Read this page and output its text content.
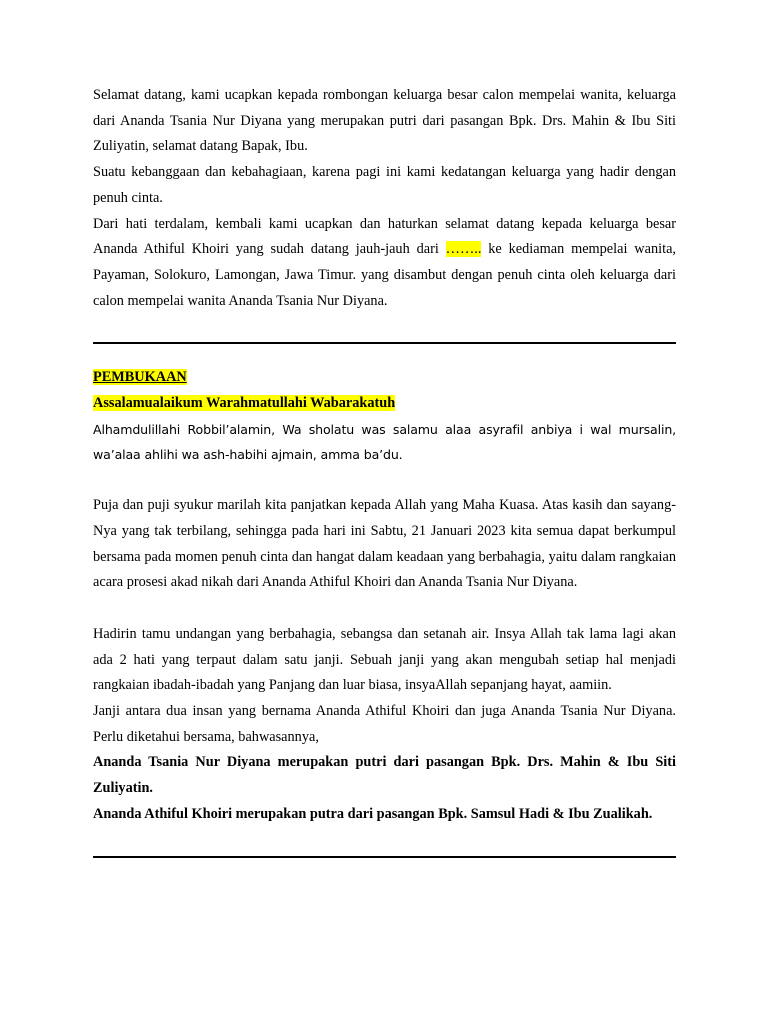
Selamat datang, kami ucapkan kepada rombongan keluarga besar calon mempelai wanita, keluarga dari Ananda Tsania Nur Diyana yang merupakan putri dari pasangan Bpk. Drs. Mahin & Ibu Siti Zuliyatin, selamat datang Bapak, Ibu.

Suatu kebanggaan dan kebahagiaan, karena pagi ini kami kedatangan keluarga yang hadir dengan penuh cinta.

Dari hati terdalam, kembali kami ucapkan dan haturkan selamat datang kepada keluarga besar Ananda Athiful Khoiri yang sudah datang jauh-jauh dari …….. ke kediaman mempelai wanita, Payaman, Solokuro, Lamongan, Jawa Timur. yang disambut dengan penuh cinta oleh keluarga dari calon mempelai wanita Ananda Tsania Nur Diyana.

PEMBUKAAN

Assalamualaikum Warahmatullahi Wabarakatuh

Alhamdulillahi Robbil’alamin, Wa sholatu was salamu alaa asyrafil anbiya i wal mursalin, wa’alaa ahlihi wa ash-habihi ajmain, amma ba’du.

Puja dan puji syukur marilah kita panjatkan kepada Allah yang Maha Kuasa. Atas kasih dan sayang-Nya yang tak terbilang, sehingga pada hari ini Sabtu, 21 Januari 2023 kita semua dapat berkumpul bersama pada momen penuh cinta dan hangat dalam keadaan yang berbahagia, yaitu dalam rangkaian acara prosesi akad nikah dari Ananda Athiful Khoiri dan Ananda Tsania Nur Diyana.

Hadirin tamu undangan yang berbahagia, sebangsa dan setanah air. Insya Allah tak lama lagi akan ada 2 hati yang terpaut dalam satu janji. Sebuah janji yang akan mengubah setiap hal menjadi rangkaian ibadah-ibadah yang Panjang dan luar biasa, insyaAllah sepanjang hayat, aamiin.

Janji antara dua insan yang bernama Ananda Athiful Khoiri dan juga Ananda Tsania Nur Diyana. Perlu diketahui bersama, bahwasannya,

Ananda Tsania Nur Diyana merupakan putri dari pasangan Bpk. Drs. Mahin & Ibu Siti Zuliyatin.

Ananda Athiful Khoiri merupakan putra dari pasangan Bpk. Samsul Hadi & Ibu Zualikah.
